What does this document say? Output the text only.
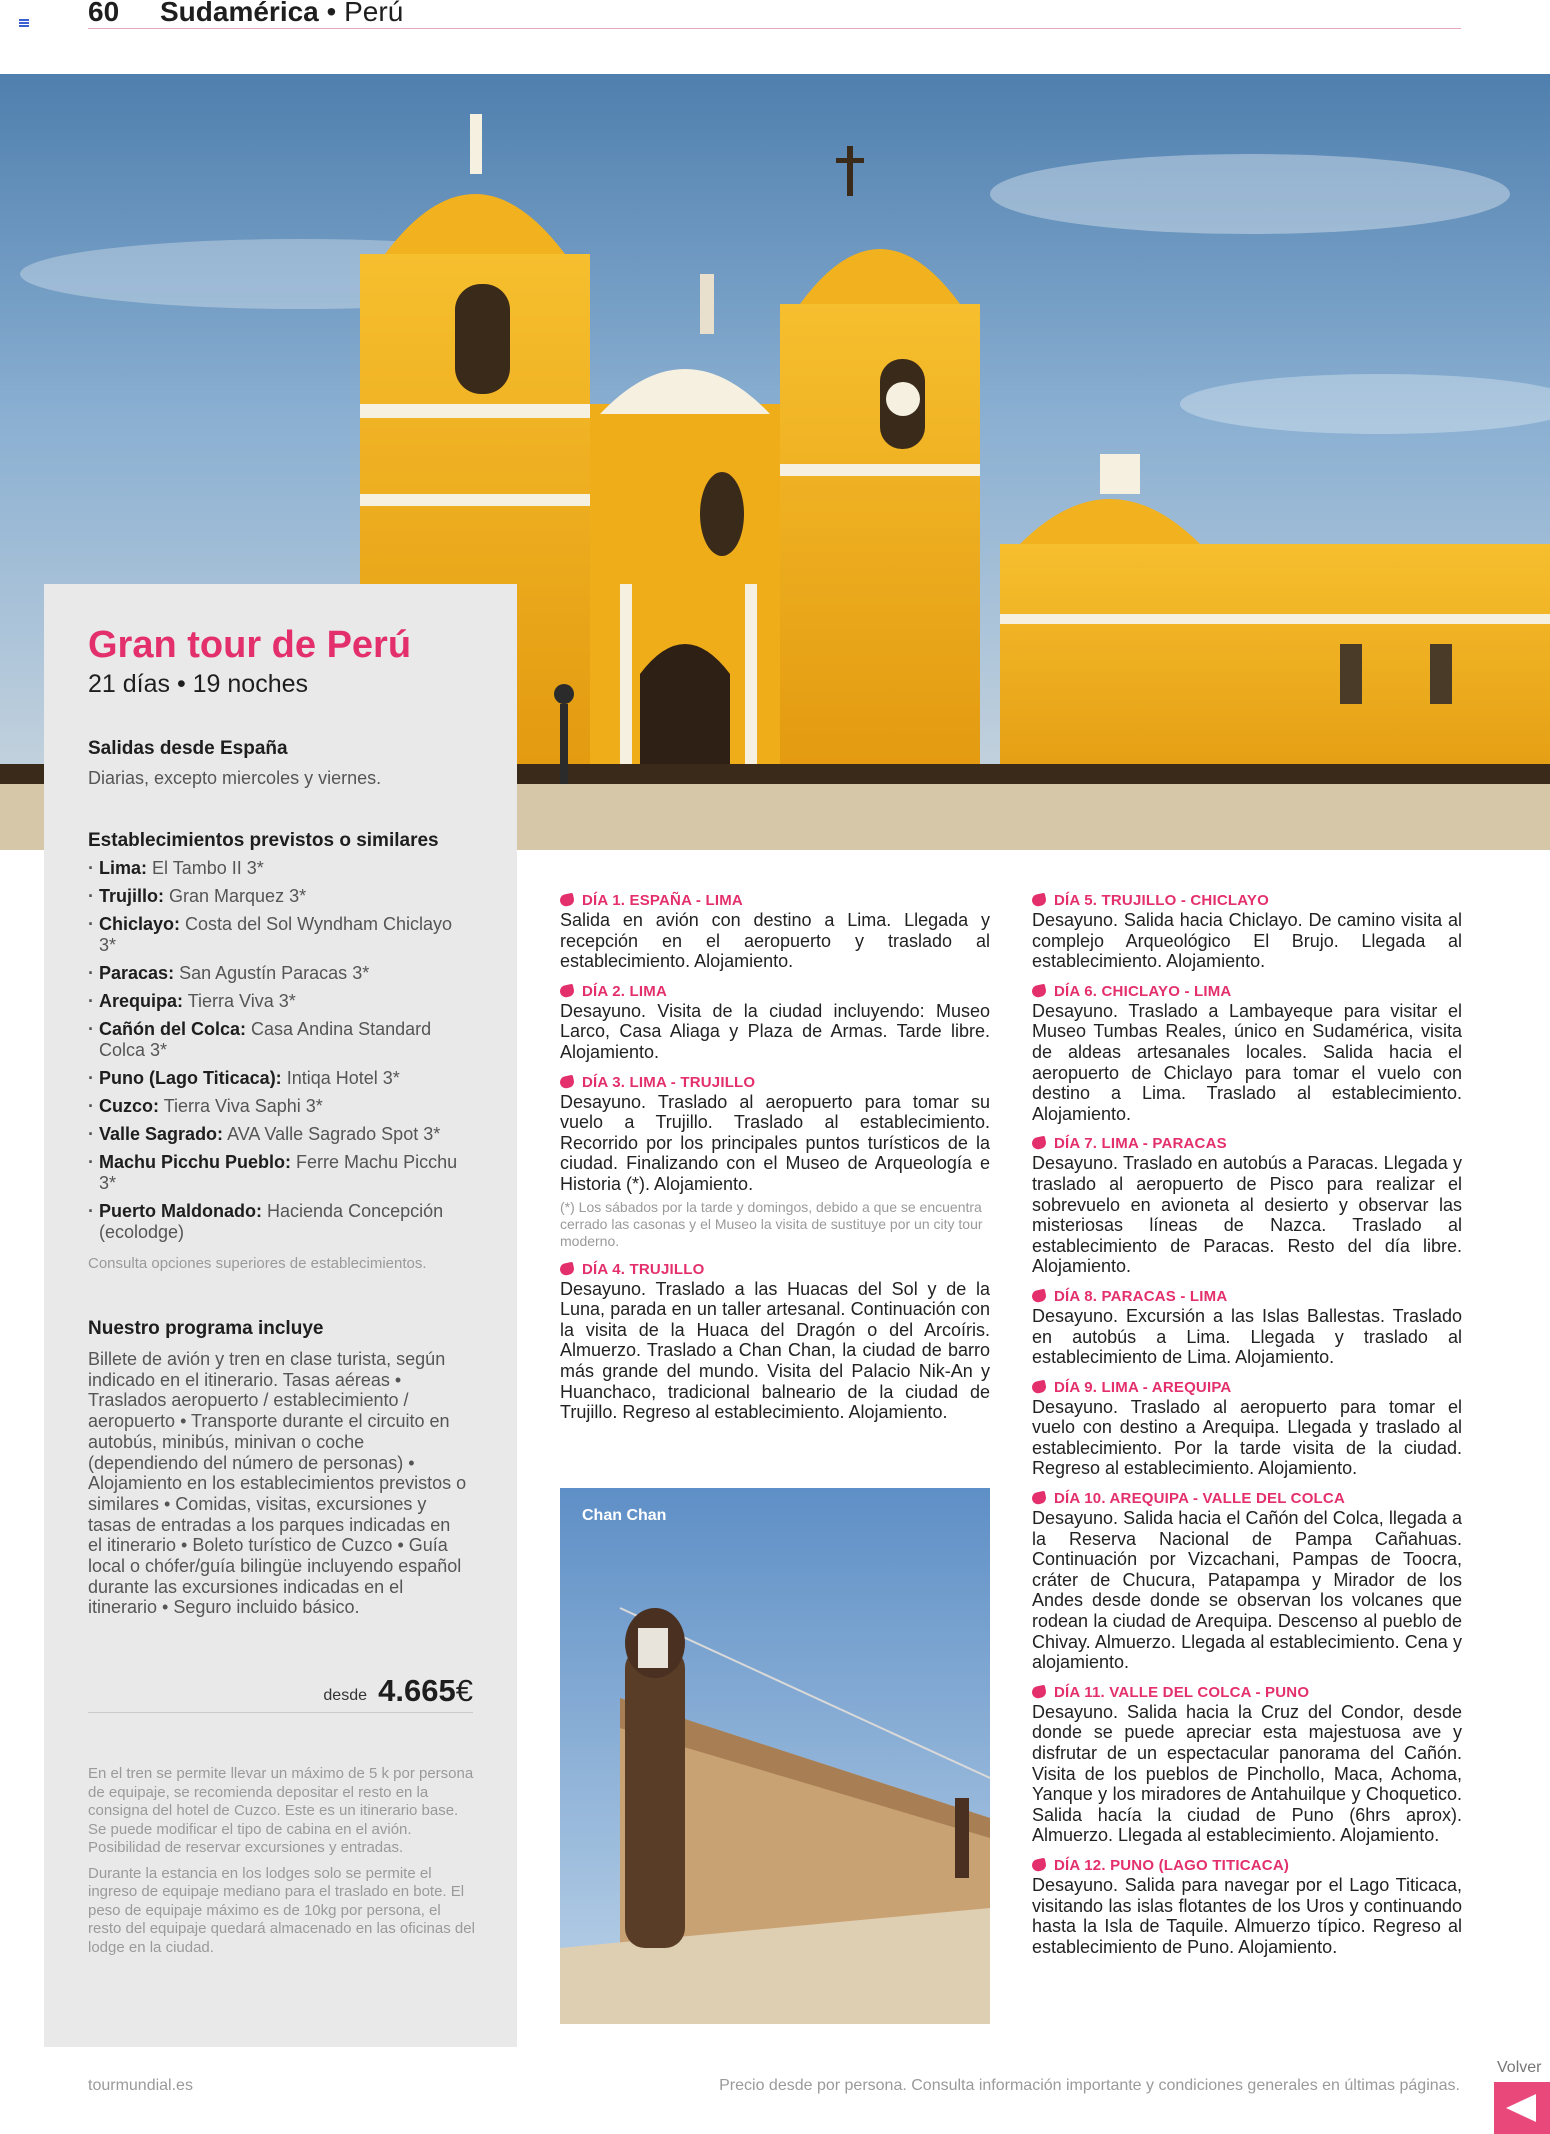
60 Sudamérica • Perú
Gran tour de Perú
21 días • 19 noches
Salidas desde España
Diarias, excepto miercoles y viernes.
Establecimientos previstos o similares
· Lima: El Tambo II 3*
· Trujillo: Gran Marquez 3*
· Chiclayo: Costa del Sol Wyndham Chiclayo 3*
· Paracas: San Agustín Paracas 3*
· Arequipa: Tierra Viva 3*
· Cañón del Colca: Casa Andina Standard Colca 3*
· Puno (Lago Titicaca): Intiqa Hotel 3*
· Cuzco: Tierra Viva Saphi 3*
· Valle Sagrado: AVA Valle Sagrado Spot 3*
· Machu Picchu Pueblo: Ferre Machu Picchu 3*
· Puerto Maldonado: Hacienda Concepción (ecolodge)
Consulta opciones superiores de establecimientos.
Nuestro programa incluye
Billete de avión y tren en clase turista, según indicado en el itinerario. Tasas aéreas • Traslados aeropuerto / establecimiento / aeropuerto • Transporte durante el circuito en autobús, minibús, minivan o coche (dependiendo del número de personas) • Alojamiento en los establecimientos previstos o similares • Comidas, visitas, excursiones y tasas de entradas a los parques indicadas en el itinerario • Boleto turístico de Cuzco • Guía local o chófer/guía bilingüe incluyendo español durante las excursiones indicadas en el itinerario • Seguro incluido básico.
En el tren se permite llevar un máximo de 5 k por persona de equipaje, se recomienda depositar el resto en la consigna del hotel de Cuzco. Este es un itinerario base. Se puede modificar el tipo de cabina en el avión. Posibilidad de reservar excursiones y entradas.
Durante la estancia en los lodges solo se permite el ingreso de equipaje mediano para el traslado en bote. El peso de equipaje máximo es de 10kg por persona, el resto del equipaje quedará almacenado en las oficinas del lodge en la ciudad.
desde 4.665€
DÍA 1. ESPAÑA - LIMA
Salida en avión con destino a Lima. Llegada y recepción en el aeropuerto y traslado al establecimiento. Alojamiento.
DÍA 2. LIMA
Desayuno. Visita de la ciudad incluyendo: Museo Larco, Casa Aliaga y Plaza de Armas. Tarde libre. Alojamiento.
DÍA 3. LIMA - TRUJILLO
Desayuno. Traslado al aeropuerto para tomar su vuelo a Trujillo. Traslado al establecimiento. Recorrido por los principales puntos turísticos de la ciudad. Finalizando con el Museo de Arqueología e Historia (*). Alojamiento.
(*) Los sábados por la tarde y domingos, debido a que se encuentra cerrado las casonas y el Museo la visita de sustituye por un city tour moderno.
DÍA 4. TRUJILLO
Desayuno. Traslado a las Huacas del Sol y de la Luna, parada en un taller artesanal. Continuación con la visita de la Huaca del Dragón o del Arcoíris. Almuerzo. Traslado a Chan Chan, la ciudad de barro más grande del mundo. Visita del Palacio Nik-An y Huanchaco, tradicional balneario de la ciudad de Trujillo. Regreso al establecimiento. Alojamiento.
DÍA 5. TRUJILLO - CHICLAYO
Desayuno. Salida hacia Chiclayo. De camino visita al complejo Arqueológico El Brujo. Llegada al establecimiento. Alojamiento.
DÍA 6. CHICLAYO - LIMA
Desayuno. Traslado a Lambayeque para visitar el Museo Tumbas Reales, único en Sudamérica, visita de aldeas artesanales locales. Salida hacia el aeropuerto de Chiclayo para tomar el vuelo con destino a Lima. Traslado al establecimiento. Alojamiento.
DÍA 7. LIMA - PARACAS
Desayuno. Traslado en autobús a Paracas. Llegada y traslado al aeropuerto de Pisco para realizar el sobrevuelo en avioneta al desierto y observar las misteriosas líneas de Nazca. Traslado al establecimiento de Paracas. Resto del día libre. Alojamiento.
DÍA 8. PARACAS - LIMA
Desayuno. Excursión a las Islas Ballestas. Traslado en autobús a Lima. Llegada y traslado al establecimiento de Lima. Alojamiento.
DÍA 9. LIMA - AREQUIPA
Desayuno. Traslado al aeropuerto para tomar el vuelo con destino a Arequipa. Llegada y traslado al establecimiento. Por la tarde visita de la ciudad. Regreso al establecimiento. Alojamiento.
DÍA 10. AREQUIPA - VALLE DEL COLCA
Desayuno. Salida hacia el Cañón del Colca, llegada a la Reserva Nacional de Pampa Cañahuas. Continuación por Vizcachani, Pampas de Toocra, cráter de Chucura, Patapampa y Mirador de los Andes desde donde se observan los volcanes que rodean la ciudad de Arequipa. Descenso al pueblo de Chivay. Almuerzo. Llegada al establecimiento. Cena y alojamiento.
DÍA 11. VALLE DEL COLCA - PUNO
Desayuno. Salida hacia la Cruz del Condor, desde donde se puede apreciar esta majestuosa ave y disfrutar de un espectacular panorama del Cañón. Visita de los pueblos de Pinchollo, Maca, Achoma, Yanque y los miradores de Antahuilque y Choquetico. Salida hacía la ciudad de Puno (6hrs aprox). Almuerzo. Llegada al establecimiento. Alojamiento.
DÍA 12. PUNO (LAGO TITICACA)
Desayuno. Salida para navegar por el Lago Titicaca, visitando las islas flotantes de los Uros y continuando hasta la Isla de Taquile. Almuerzo típico. Regreso al establecimiento de Puno. Alojamiento.
Chan Chan
tourmundial.es	Precio desde por persona. Consulta información importante y condiciones generales en últimas páginas.
Volver
